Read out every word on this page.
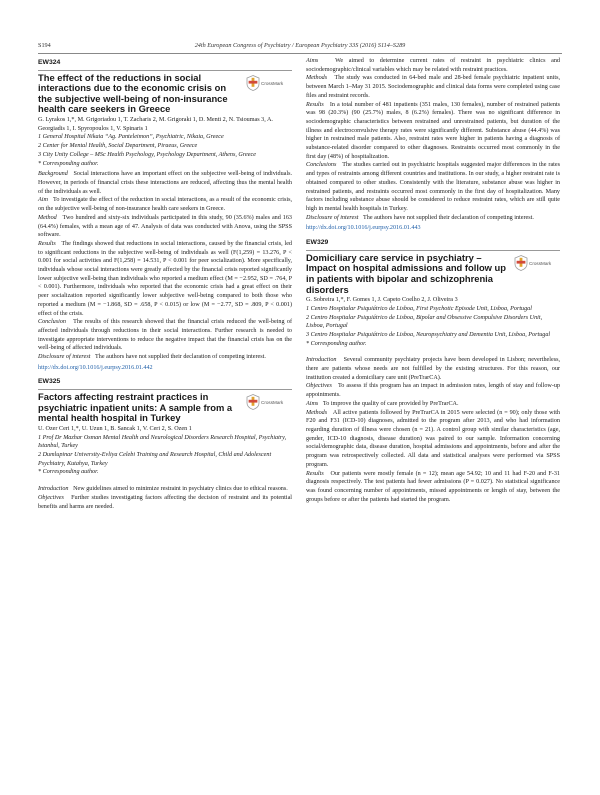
S194	24th European Congress of Psychiatry / European Psychiatry 33S (2016) S114–S289
EW324
The effect of the reductions in social interactions due to the economic crisis on the subjective well-being of non-insurance health care seekers in Greece
CrossMark

G. Lyrakos 1,*, M. Grigoriadou 1, T. Zacharis 2, M. Grigoraki 1, D. Menti 2, N. Tsioumas 3, A. Georgiadis 1, I. Spyropoulos 1, V. Spinaris 1

1 General Hospital Nikaia “Ag. Panteleimon”, Psychiatric, Nikaia, Greece

2 Center for Mental Health, Social Department, Piraeus, Greece

3 City Unity College – MSc Health Psychology, Psychology Department, Athens, Greece

* Corresponding author.

Background Social interactions have an important effect on the subjective well-being of individuals. However, in periods of financial crisis these interactions are reduced, affecting thus the mental health of the individuals as well.

Aim To investigate the effect of the reduction in social interactions, as a result of the economic crisis, on the subjective well-being of non-insurance health care seekers in Greece.

Method Two hundred and sixty-six individuals participated in this study, 90 (35.6%) males and 163 (64.4%) females, with a mean age of 47. Analysis of data was conducted with Anova, using the SPSS software.

Results The findings showed that reductions in social interactions, caused by the financial crisis, led to significant reductions in the subjective well-being of individuals as well (F(1,259) = 13.276, P < 0.001 for social activities and F(1,258) = 14.531, P < 0.001 for peer socialization). More specifically, individuals whose social interactions were greatly affected by the financial crisis reported significantly lower subjective well-being than individuals who reported a medium effect (M = −2.952, SD = .764, P < 0.001). Furthermore, individuals who reported that the economic crisis had a great effect on their peer socialization reported significantly lower subjective well-being compared to both those who reported a medium (M = −1.868, SD = .658, P < 0.015) or low (M = −2.77, SD = .809, P < 0.001) effect of the crisis.

Conclusion The results of this research showed that the financial crisis reduced the well-being of affected individuals through reductions in their social interactions. Further research is needed to investigate appropriate interventions to reduce the negative impact that the financial crisis has on the well-being of affected individuals.

Disclosure of interest The authors have not supplied their declaration of competing interest.

http://dx.doi.org/10.1016/j.eurpsy.2016.01.442

EW325
Factors affecting restraint practices in psychiatric inpatient units: A sample from a mental health hospital in Turkey
CrossMark

U. Ozer Ceri 1,*, U. Uzun 1, B. Sancak 1, V. Ceri 2, S. Ozen 1

1 Prof Dr Mazhar Osman Mental Health and Neurological Disorders Research Hospital, Psychiatry, Istanbul, Turkey

2 Dumlupinar University-Evliya Celebi Training and Research Hospital, Child and Adolescent Psychiatry, Kutahya, Turkey

* Corresponding author.

Introduction New guidelines aimed to minimize restraint in psychiatry clinics due to ethical reasons.

Objectives Further studies investigating factors affecting the decision of restraint and its potential benefits and harms are needed.

Aims	We aimed to determine current rates of restraint in psychiatric clinics and sociodemographic/clinical variables which may be related with restraint practices.

Methods The study was conducted in 64-bed male and 28-bed female psychiatric inpatient units, between March 1–May 31 2015. Sociodemographic and clinical data forms were completed using case files and restraint records.

Results In a total number of 481 inpatients (351 males, 130 females), number of restrained patients was 98 (20.3%) (90 (25.7%) males, 8 (6.2%) females). There was no significant difference in sociodemographic characteristics between restrained and unrestrained patients, but duration of the illness and electroconvulsive therapy rates were significantly different. Substance abuse (44.4%) was higher in restrained male patients. Also, restraint rates were higher in patients having a diagnosis of substance-related disorder compared to other diagnoses. Restraints occurred most commonly in the first day (48%) of hospitalization.

Conclusions The studies carried out in psychiatric hospitals suggested major differences in the rates and types of restraints among different countries and institutions. In our study, a higher restraint rate is obtained compared to other studies. Consistently with the literature, substance abuse was higher in restrained patients, and restraints occurred most commonly in the first day of hospitalization. Many factors including substance abuse should be considered to reduce restraint rates, which are still quite high in mental health hospitals in Turkey.

Disclosure of interest The authors have not supplied their declaration of competing interest.

http://dx.doi.org/10.1016/j.eurpsy.2016.01.443

EW329
Domiciliary care service in psychiatry – Impact on hospital admissions and follow up in patients with bipolar and schizophrenia disorders
CrossMark

G. Sobreira 1,*, F. Gomes 1, J. Capeto Coelho 2, J. Oliveira 3

1 Centro Hospitalar Psiquiátrico de Lisboa, First Psychotic Episode Unit, Lisboa, Portugal

2 Centro Hospitalar Psiquiátrico de Lisboa, Bipolar and Obsessive Compulsive Disorders Unit, Lisboa, Portugal

3 Centro Hospitalar Psiquiátrico de Lisboa, Neuropsychiatry and Dementia Unit, Lisboa, Portugal

* Corresponding author.

Introduction Several community psychiatry projects have been developed in Lisbon; nevertheless, there are patients whose needs are not fulfilled by the existing structures. For this reason, our institution created a domiciliary care unit (PreTrarCA).

Objectives To assess if this program has an impact in admission rates, length of stay and follow-up appointments.

Aims To improve the quality of care provided by PreTrarCA.

Methods All active patients followed by PreTrarCA in 2015 were selected (n = 90); only those with F20 and F31 (ICD-10) diagnoses, admitted to the program after 2013, and who had information regarding duration of illness were chosen (n = 21). A control group with similar characteristics (age, gender, ICD-10 diagnosis, disease duration) was paired to our sample. Information concerning social/demographic data, disease duration, hospital admissions and appointments, before and after the program was retrospectively collected. All data and statistical analyses were performed via SPSS program.

Results Our patients were mostly female (n = 12); mean age 54.92; 10 and 11 had F-20 and F-31 diagnosis respectively. The test patients had fewer admissions (P = 0.027). No statistical significance was found concerning number of appointments, missed appointments or length of stay, between the groups before or after the patients had started the program.
